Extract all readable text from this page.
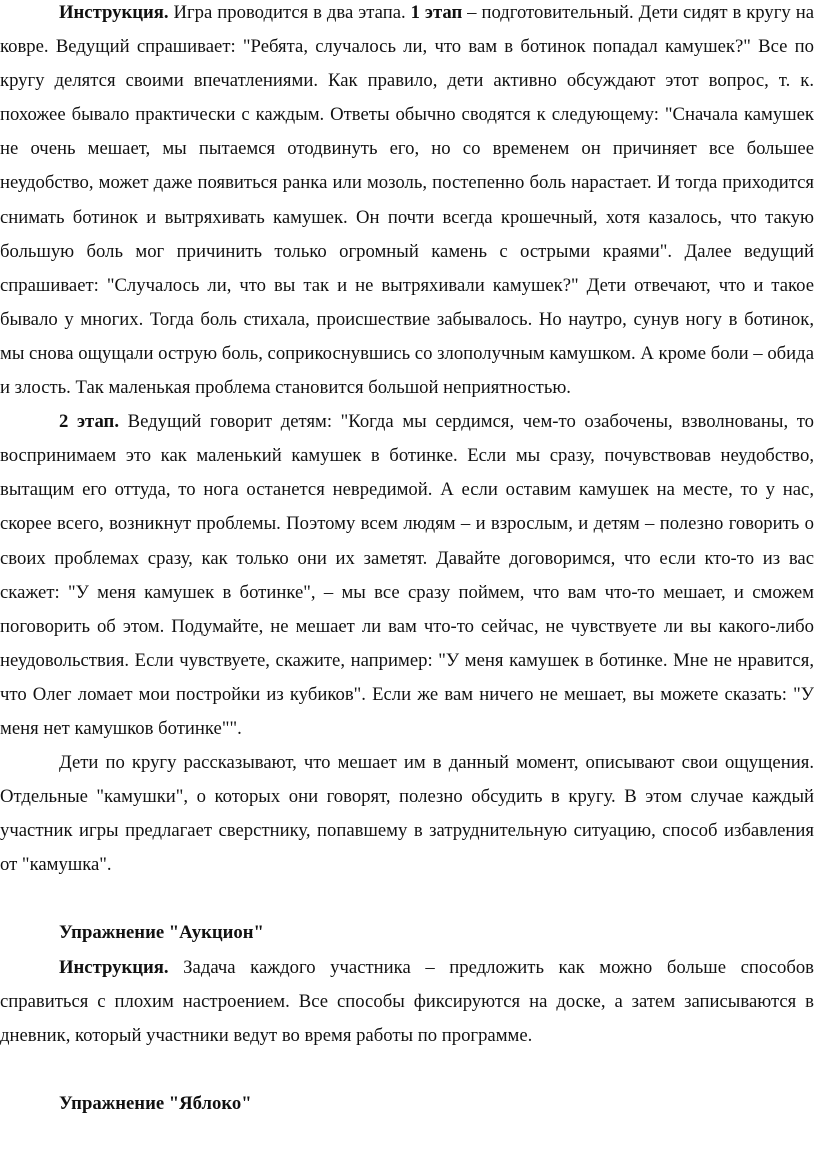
Инструкция. Игра проводится в два этапа. 1 этап – подготовительный. Дети сидят в кругу на ковре. Ведущий спрашивает: "Ребята, случалось ли, что вам в ботинок попадал камушек?" Все по кругу делятся своими впечатлениями. Как правило, дети активно обсуждают этот вопрос, т. к. похожее бывало практически с каждым. Ответы обычно сводятся к следующему: "Сначала камушек не очень мешает, мы пытаемся отодвинуть его, но со временем он причиняет все большее неудобство, может даже появиться ранка или мозоль, постепенно боль нарастает. И тогда приходится снимать ботинок и вытряхивать камушек. Он почти всегда крошечный, хотя казалось, что такую большую боль мог причинить только огромный камень с острыми краями". Далее ведущий спрашивает: "Случалось ли, что вы так и не вытряхивали камушек?" Дети отвечают, что и такое бывало у многих. Тогда боль стихала, происшествие забывалось. Но наутро, сунув ногу в ботинок, мы снова ощущали острую боль, соприкоснувшись со злополучным камушком. А кроме боли – обида и злость. Так маленькая проблема становится большой неприятностью.

2 этап. Ведущий говорит детям: "Когда мы сердимся, чем-то озабочены, взволнованы, то воспринимаем это как маленький камушек в ботинке. Если мы сразу, почувствовав неудобство, вытащим его оттуда, то нога останется невредимой. А если оставим камушек на месте, то у нас, скорее всего, возникнут проблемы. Поэтому всем людям – и взрослым, и детям – полезно говорить о своих проблемах сразу, как только они их заметят. Давайте договоримся, что если кто-то из вас скажет: "У меня камушек в ботинке", – мы все сразу поймем, что вам что-то мешает, и сможем поговорить об этом. Подумайте, не мешает ли вам что-то сейчас, не чувствуете ли вы какого-либо неудовольствия. Если чувствуете, скажите, например: "У меня камушек в ботинке. Мне не нравится, что Олег ломает мои постройки из кубиков". Если же вам ничего не мешает, вы можете сказать: "У меня нет камушков ботинке"".

Дети по кругу рассказывают, что мешает им в данный момент, описывают свои ощущения. Отдельные "камушки", о которых они говорят, полезно обсудить в кругу. В этом случае каждый участник игры предлагает сверстнику, попавшему в затруднительную ситуацию, способ избавления от "камушка".

Упражнение "Аукцион"

Инструкция. Задача каждого участника – предложить как можно больше способов справиться с плохим настроением. Все способы фиксируются на доске, а затем записываются в дневник, который участники ведут во время работы по программе.

Упражнение "Яблоко"
